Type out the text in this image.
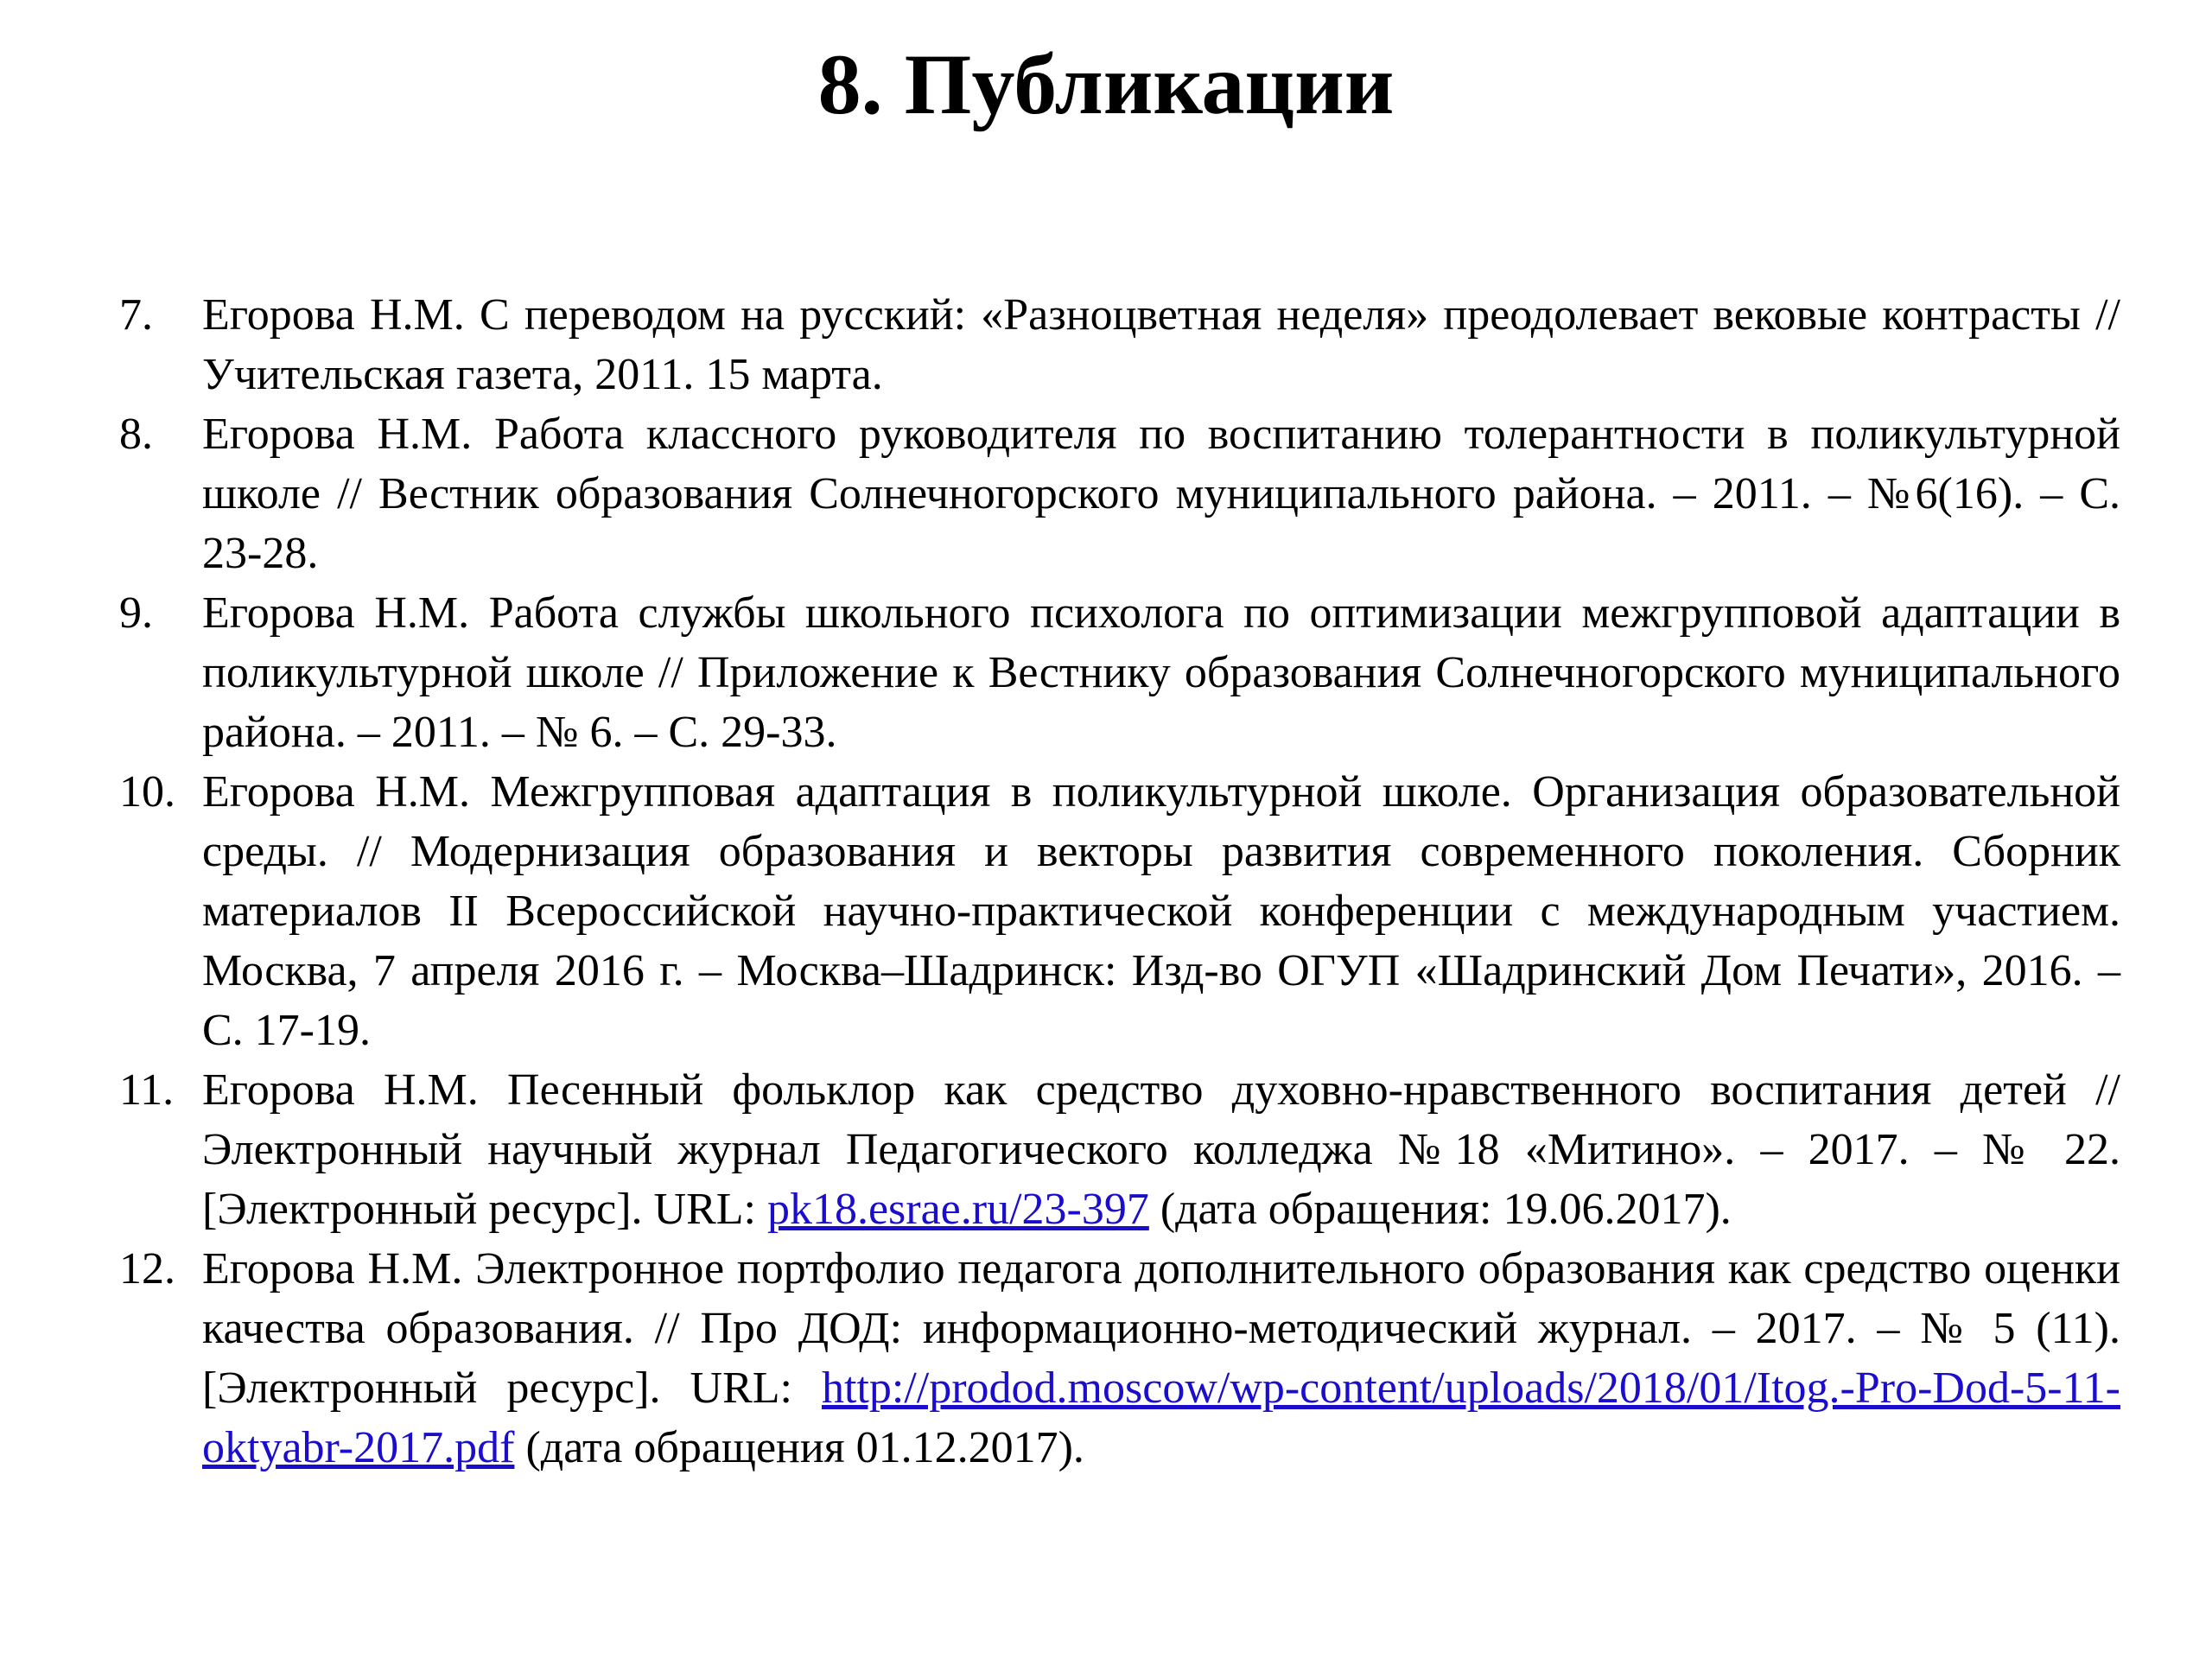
8. Публикации
7.	Егорова Н.М. С переводом на русский: «Разноцветная неделя» преодолевает вековые контрасты // Учительская газета, 2011. 15 марта.
8.	Егорова Н.М. Работа классного руководителя по воспитанию толерантности в поликультурной школе // Вестник образования Солнечногорского муниципального района. – 2011. – №6(16). – С. 23-28.
9.	Егорова Н.М. Работа службы школьного психолога по оптимизации межгрупповой адаптации в поликультурной школе // Приложение к Вестнику образования Солнечногорского муниципального района. – 2011. – № 6. – С. 29-33.
10. Егорова Н.М. Межгрупповая адаптация в поликультурной школе. Организация образовательной среды. // Модернизация образования и векторы развития современного поколения. Сборник материалов II Всероссийской научно-практической конференции с международным участием. Москва, 7 апреля 2016 г. – Москва–Шадринск: Изд-во ОГУП «Шадринский Дом Печати», 2016. – С. 17-19.
11. Егорова Н.М. Песенный фольклор как средство духовно-нравственного воспитания детей // Электронный научный журнал Педагогического колледжа №18 «Митино». – 2017. – № 22. [Электронный ресурс]. URL: pk18.esrae.ru/23-397 (дата обращения: 19.06.2017).
12. Егорова Н.М. Электронное портфолио педагога дополнительного образования как средство оценки качества образования. // Про ДОД: информационно-методический журнал. – 2017. – № 5 (11). [Электронный ресурс]. URL: http://prodod.moscow/wp-content/uploads/2018/01/Itog.-Pro-Dod-5-11-oktyabr-2017.pdf (дата обращения 01.12.2017).
